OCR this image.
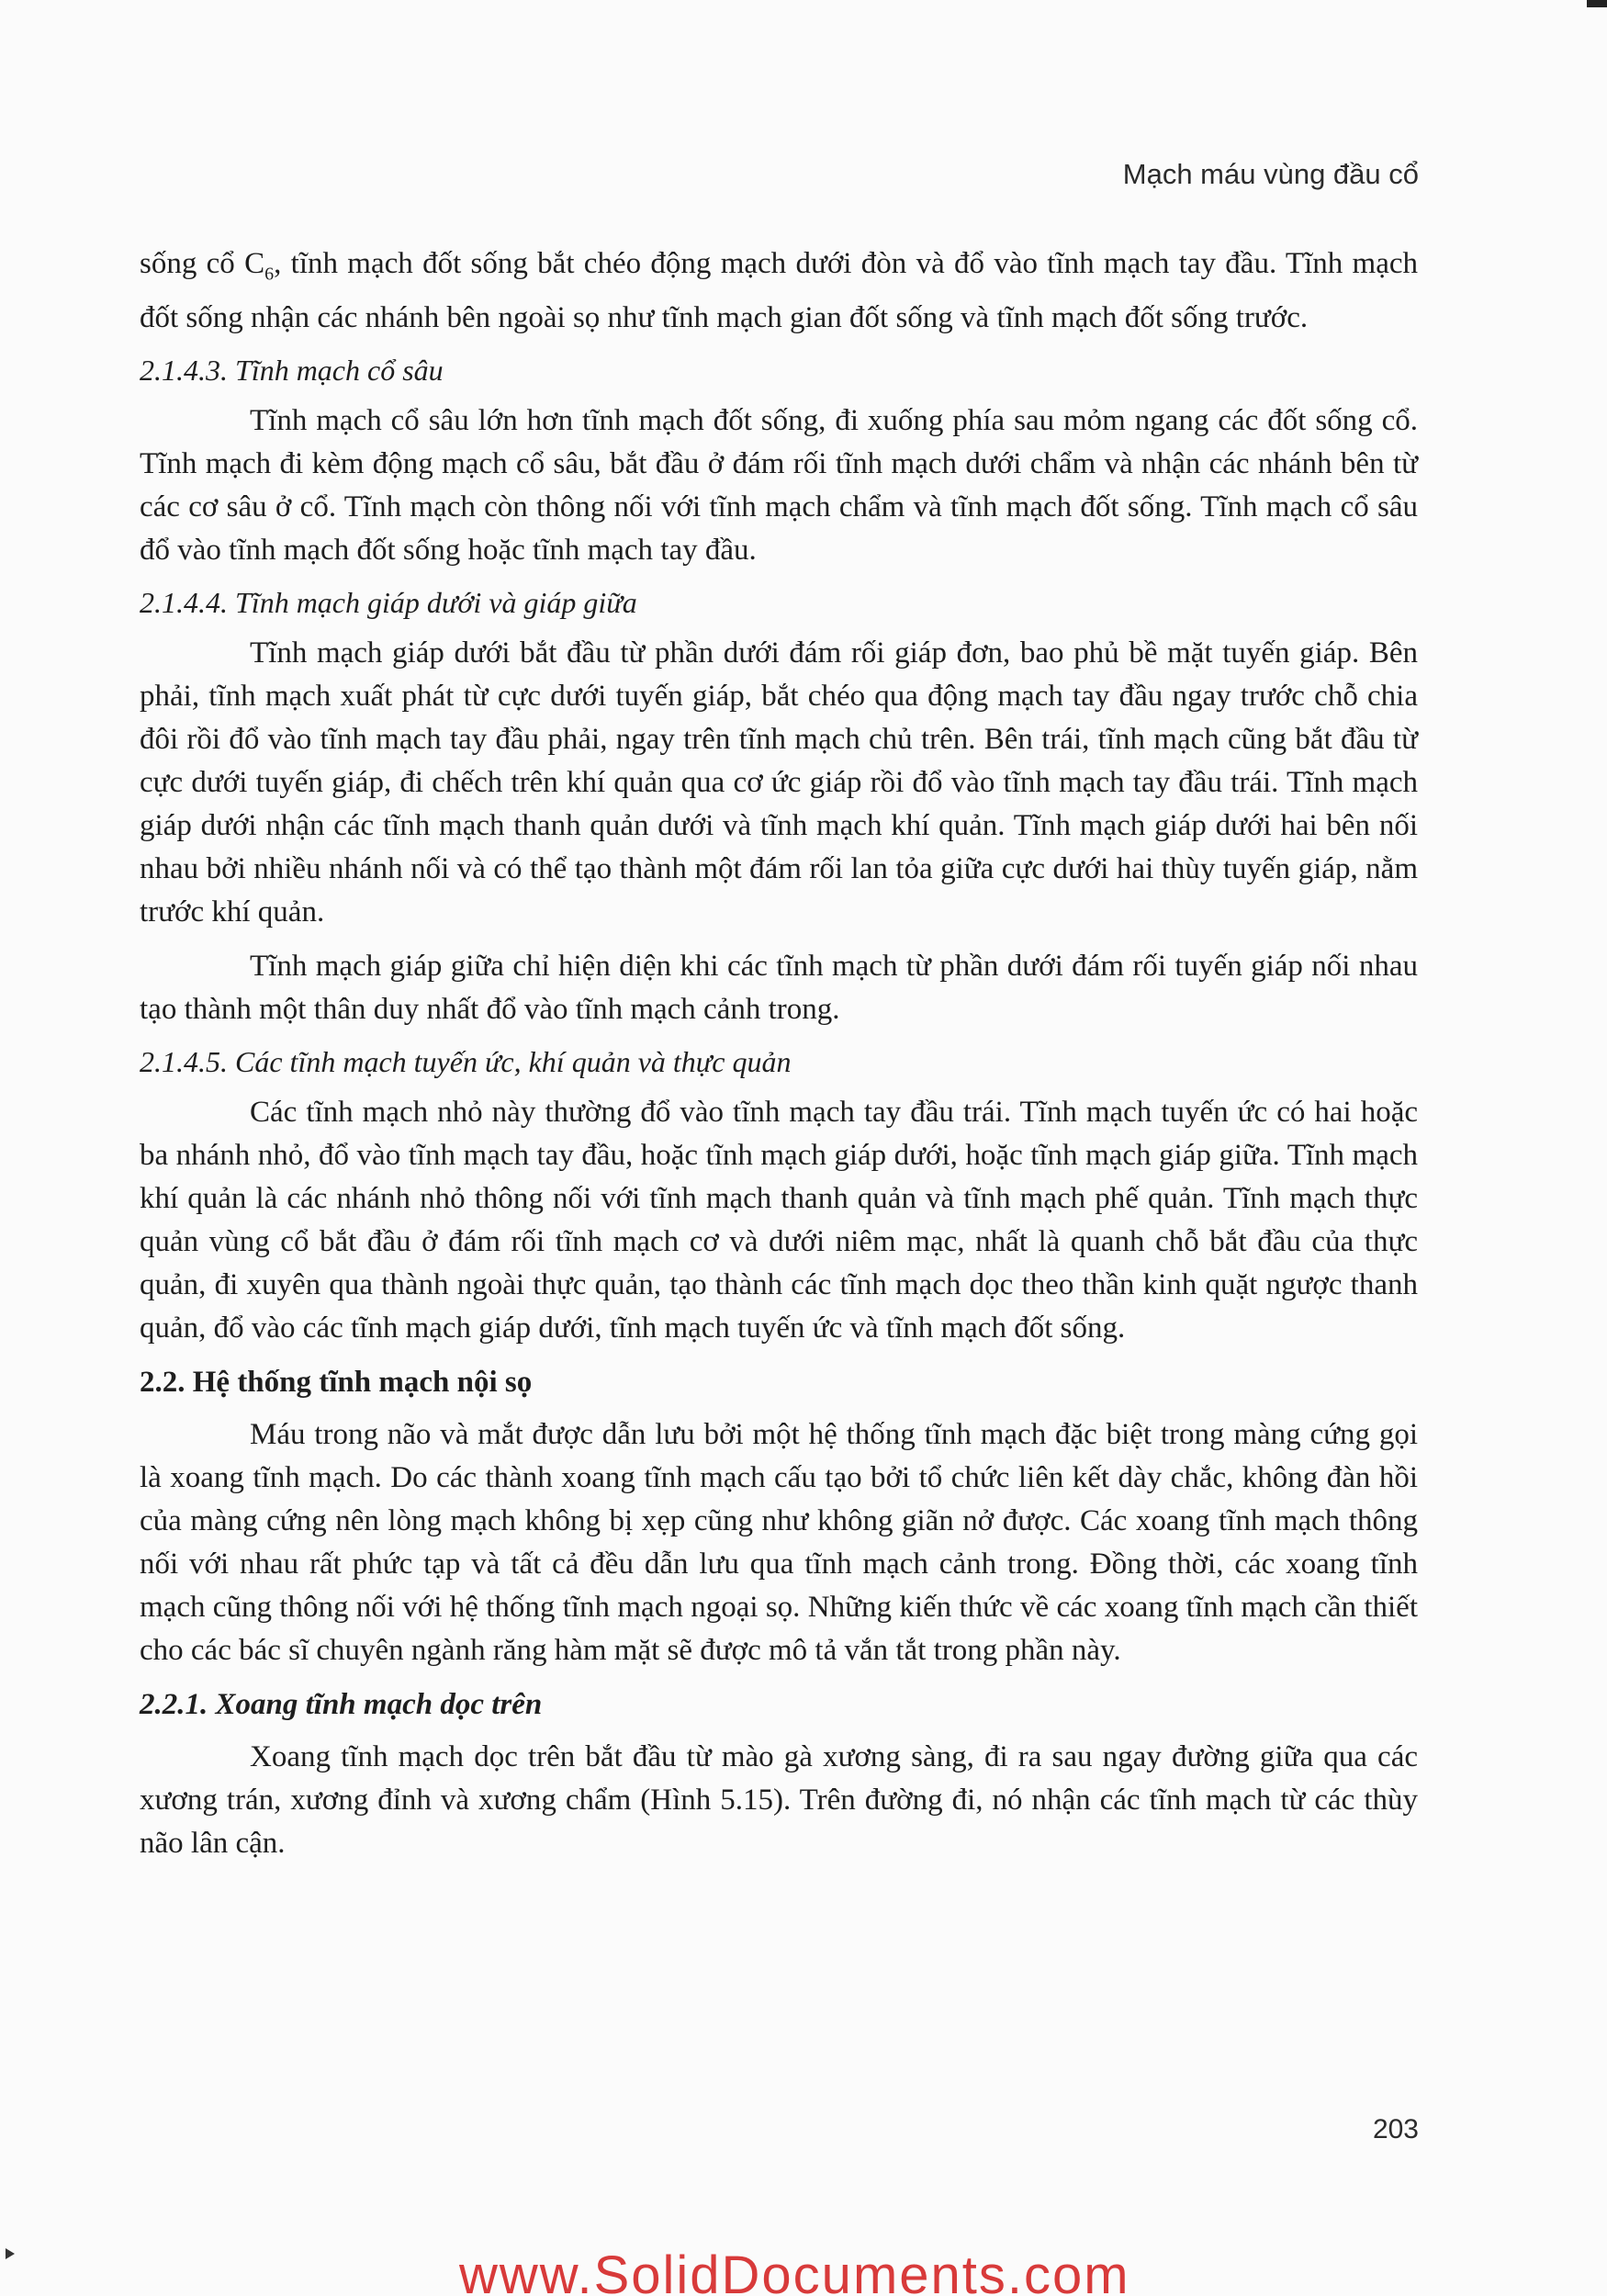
Mạch máu vùng đầu cổ

sống cổ $C_6$, tĩnh mạch đốt sống bắt chéo động mạch dưới đòn và đổ vào tĩnh mạch tay đầu. Tĩnh mạch đốt sống nhận các nhánh bên ngoài sọ như tĩnh mạch gian đốt sống và tĩnh mạch đốt sống trước.

2.1.4.3. Tĩnh mạch cổ sâu

Tĩnh mạch cổ sâu lớn hơn tĩnh mạch đốt sống, đi xuống phía sau mỏm ngang các đốt sống cổ. Tĩnh mạch đi kèm động mạch cổ sâu, bắt đầu ở đám rối tĩnh mạch dưới chẩm và nhận các nhánh bên từ các cơ sâu ở cổ. Tĩnh mạch còn thông nối với tĩnh mạch chẩm và tĩnh mạch đốt sống. Tĩnh mạch cổ sâu đổ vào tĩnh mạch đốt sống hoặc tĩnh mạch tay đầu.

2.1.4.4. Tĩnh mạch giáp dưới và giáp giữa

Tĩnh mạch giáp dưới bắt đầu từ phần dưới đám rối giáp đơn, bao phủ bề mặt tuyến giáp. Bên phải, tĩnh mạch xuất phát từ cực dưới tuyến giáp, bắt chéo qua động mạch tay đầu ngay trước chỗ chia đôi rồi đổ vào tĩnh mạch tay đầu phải, ngay trên tĩnh mạch chủ trên. Bên trái, tĩnh mạch cũng bắt đầu từ cực dưới tuyến giáp, đi chếch trên khí quản qua cơ ức giáp rồi đổ vào tĩnh mạch tay đầu trái. Tĩnh mạch giáp dưới nhận các tĩnh mạch thanh quản dưới và tĩnh mạch khí quản. Tĩnh mạch giáp dưới hai bên nối nhau bởi nhiều nhánh nối và có thể tạo thành một đám rối lan tỏa giữa cực dưới hai thùy tuyến giáp, nằm trước khí quản.

Tĩnh mạch giáp giữa chỉ hiện diện khi các tĩnh mạch từ phần dưới đám rối tuyến giáp nối nhau tạo thành một thân duy nhất đổ vào tĩnh mạch cảnh trong.

2.1.4.5. Các tĩnh mạch tuyến ức, khí quản và thực quản

Các tĩnh mạch nhỏ này thường đổ vào tĩnh mạch tay đầu trái. Tĩnh mạch tuyến ức có hai hoặc ba nhánh nhỏ, đổ vào tĩnh mạch tay đầu, hoặc tĩnh mạch giáp dưới, hoặc tĩnh mạch giáp giữa. Tĩnh mạch khí quản là các nhánh nhỏ thông nối với tĩnh mạch thanh quản và tĩnh mạch phế quản. Tĩnh mạch thực quản vùng cổ bắt đầu ở đám rối tĩnh mạch cơ và dưới niêm mạc, nhất là quanh chỗ bắt đầu của thực quản, đi xuyên qua thành ngoài thực quản, tạo thành các tĩnh mạch dọc theo thần kinh quặt ngược thanh quản, đổ vào các tĩnh mạch giáp dưới, tĩnh mạch tuyến ức và tĩnh mạch đốt sống.

2.2. Hệ thống tĩnh mạch nội sọ

Máu trong não và mắt được dẫn lưu bởi một hệ thống tĩnh mạch đặc biệt trong màng cứng gọi là xoang tĩnh mạch. Do các thành xoang tĩnh mạch cấu tạo bởi tổ chức liên kết dày chắc, không đàn hồi của màng cứng nên lòng mạch không bị xẹp cũng như không giãn nở được. Các xoang tĩnh mạch thông nối với nhau rất phức tạp và tất cả đều dẫn lưu qua tĩnh mạch cảnh trong. Đồng thời, các xoang tĩnh mạch cũng thông nối với hệ thống tĩnh mạch ngoại sọ. Những kiến thức về các xoang tĩnh mạch cần thiết cho các bác sĩ chuyên ngành răng hàm mặt sẽ được mô tả vắn tắt trong phần này.

2.2.1. Xoang tĩnh mạch dọc trên

Xoang tĩnh mạch dọc trên bắt đầu từ mào gà xương sàng, đi ra sau ngay đường giữa qua các xương trán, xương đỉnh và xương chẩm (Hình 5.15). Trên đường đi, nó nhận các tĩnh mạch từ các thùy não lân cận.

203
www.SolidDocuments.com
